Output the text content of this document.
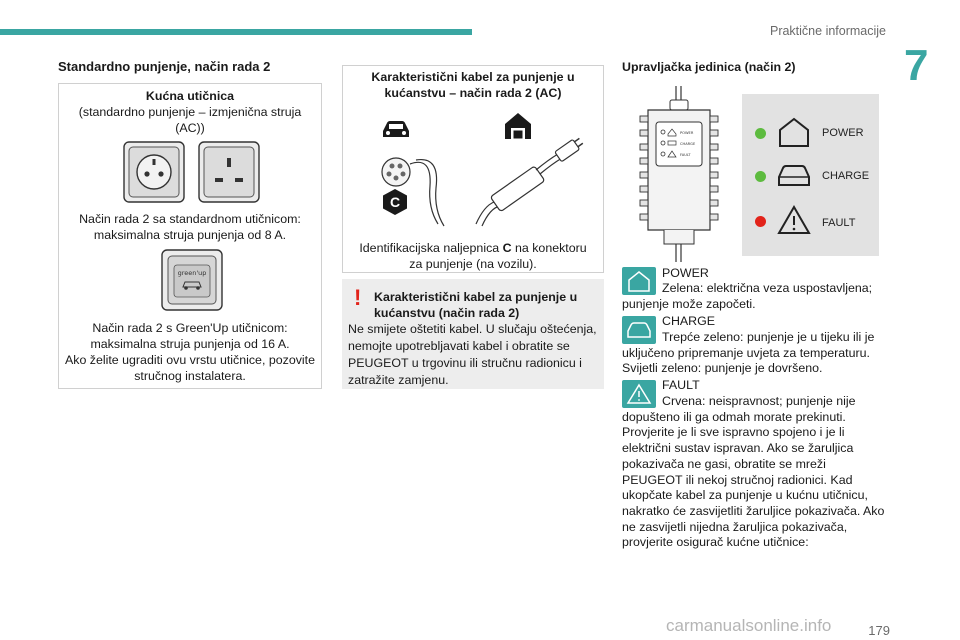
Praktične informacije
7
Standardno punjenje, način rada 2
Kućna utičnica
(standardno punjenje – izmjenična struja (AC))
Način rada 2 sa standardnom utičnicom: maksimalna struja punjenja od 8 A.
green'up
Način rada 2 s Green'Up utičnicom: maksimalna struja punjenja od 16 A.
Ako želite ugraditi ovu vrstu utičnice, pozovite stručnog instalatera.
Karakteristični kabel za punjenje u kućanstvu – način rada 2 (AC)
C
Identifikacijska naljepnica C na konektoru za punjenje (na vozilu).
! Karakteristični kabel za punjenje u kućanstvu (način rada 2)
Ne smijete oštetiti kabel. U slučaju oštećenja, nemojte upotrebljavati kabel i obratite se PEUGEOT u trgovinu ili stručnu radionicu i zatražite zamjenu.
Upravljačka jedinica (način 2)
POWER
CHARGE
FAULT
POWER
CHARGE
FAULT
POWER
Zelena: električna veza uspostavljena; punjenje može započeti.
CHARGE
Trepće zeleno: punjenje je u tijeku ili je uključeno pripremanje uvjeta za temperaturu. Svijetli zeleno: punjenje je dovršeno.
FAULT
Crvena: neispravnost; punjenje nije dopušteno ili ga odmah morate prekinuti. Provjerite je li sve ispravno spojeno i je li električni sustav ispravan. Ako se žaruljica pokazivača ne gasi, obratite se mreži PEUGEOT ili nekoj stručnoj radionici. Kad ukopčate kabel za punjenje u kućnu utičnicu, nakratko će zasvijetliti žaruljice pokazivača. Ako ne zasvijetli nijedna žaruljica pokazivača, provjerite osigurač kućne utičnice:
carmanualsonline.info	179
